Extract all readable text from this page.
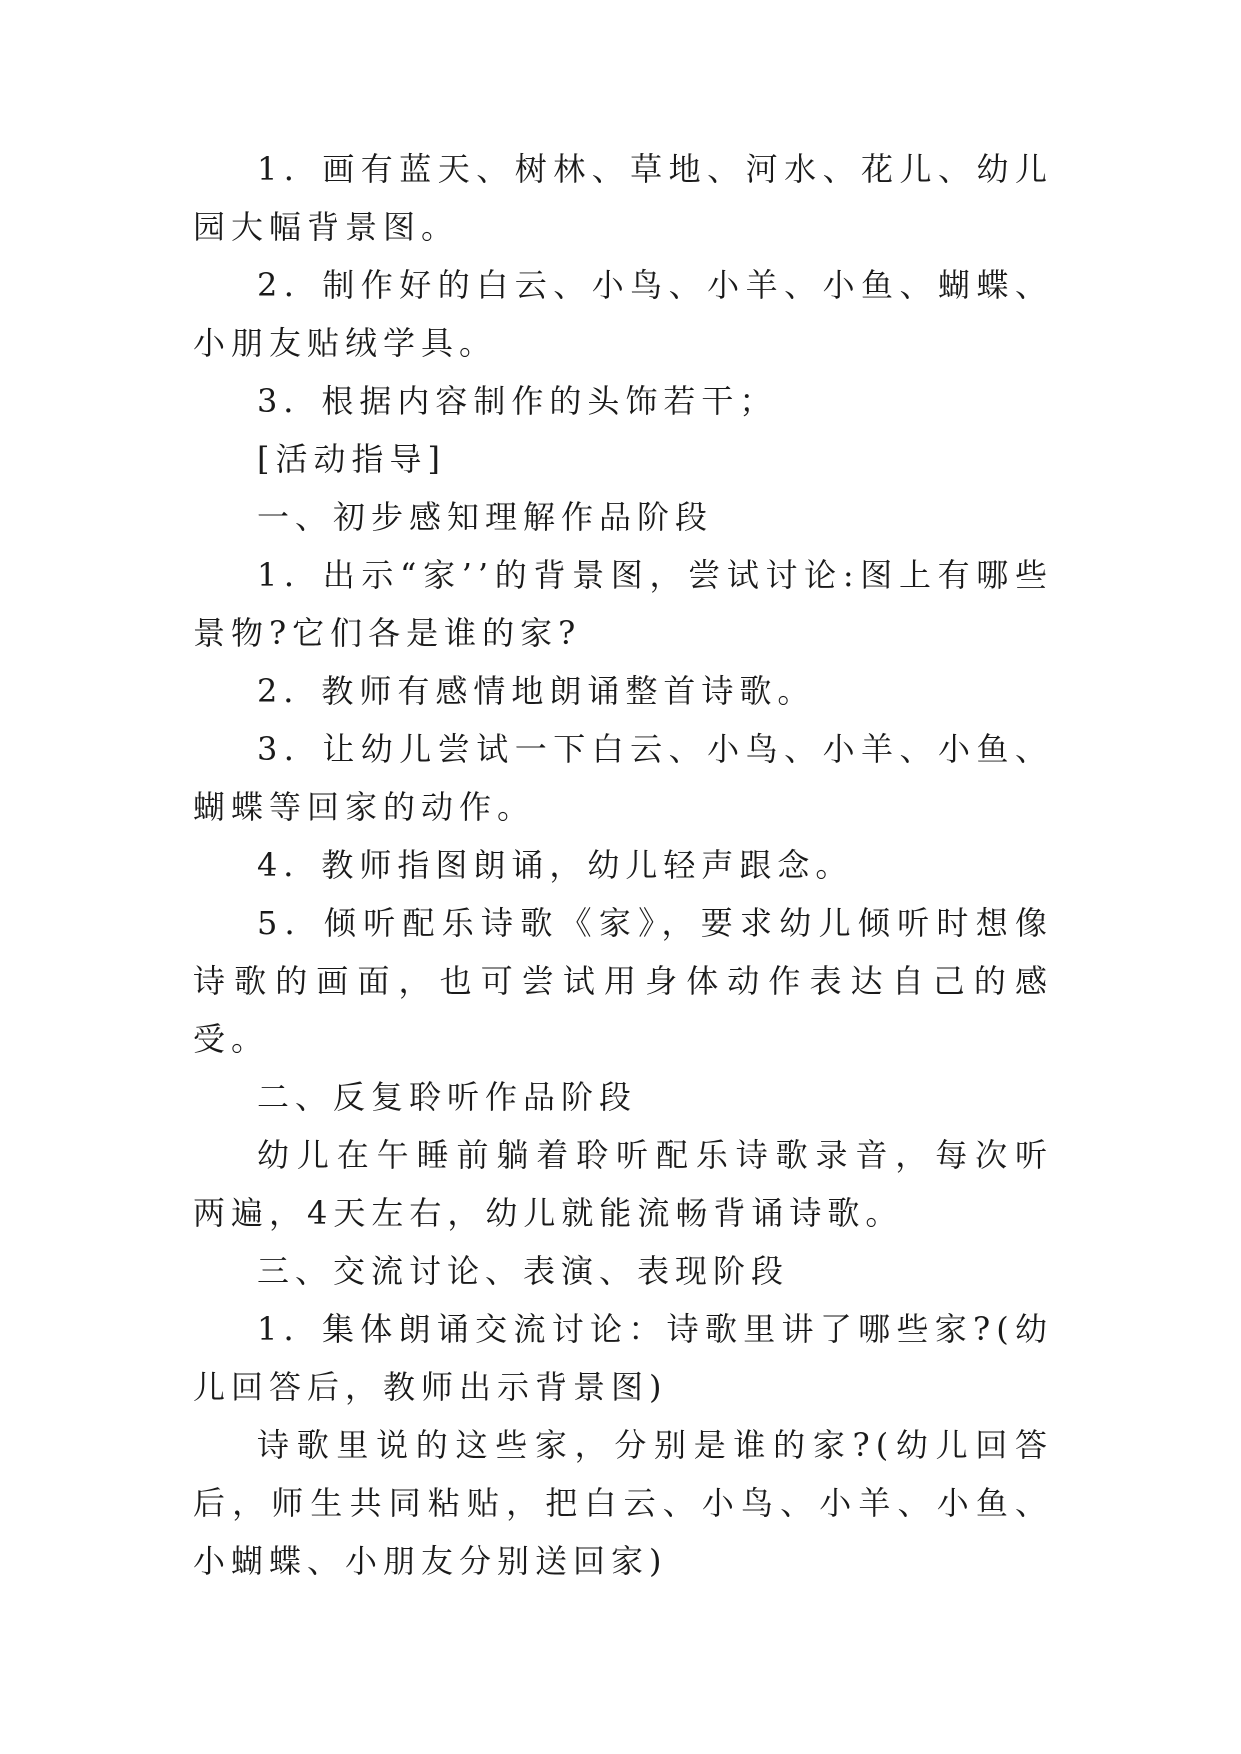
1．画有蓝天、树林、草地、河水、花儿、幼儿园大幅背景图。

2．制作好的白云、小鸟、小羊、小鱼、蝴蝶、小朋友贴绒学具。

3．根据内容制作的头饰若干；

[活动指导]

一、初步感知理解作品阶段

1．出示“家’’的背景图，尝试讨论:图上有哪些景物?它们各是谁的家?

2．教师有感情地朗诵整首诗歌。

3．让幼儿尝试一下白云、小鸟、小羊、小鱼、蝴蝶等回家的动作。

4．教师指图朗诵，幼儿轻声跟念。

5．倾听配乐诗歌《家》，要求幼儿倾听时想像诗歌的画面，也可尝试用身体动作表达自己的感受。

二、反复聆听作品阶段

幼儿在午睡前躺着聆听配乐诗歌录音，每次听两遍，4天左右，幼儿就能流畅背诵诗歌。

三、交流讨论、表演、表现阶段

1．集体朗诵交流讨论：诗歌里讲了哪些家?(幼儿回答后，教师出示背景图)

诗歌里说的这些家，分别是谁的家?(幼儿回答后，师生共同粘贴，把白云、小鸟、小羊、小鱼、小蝴蝶、小朋友分别送回家)
